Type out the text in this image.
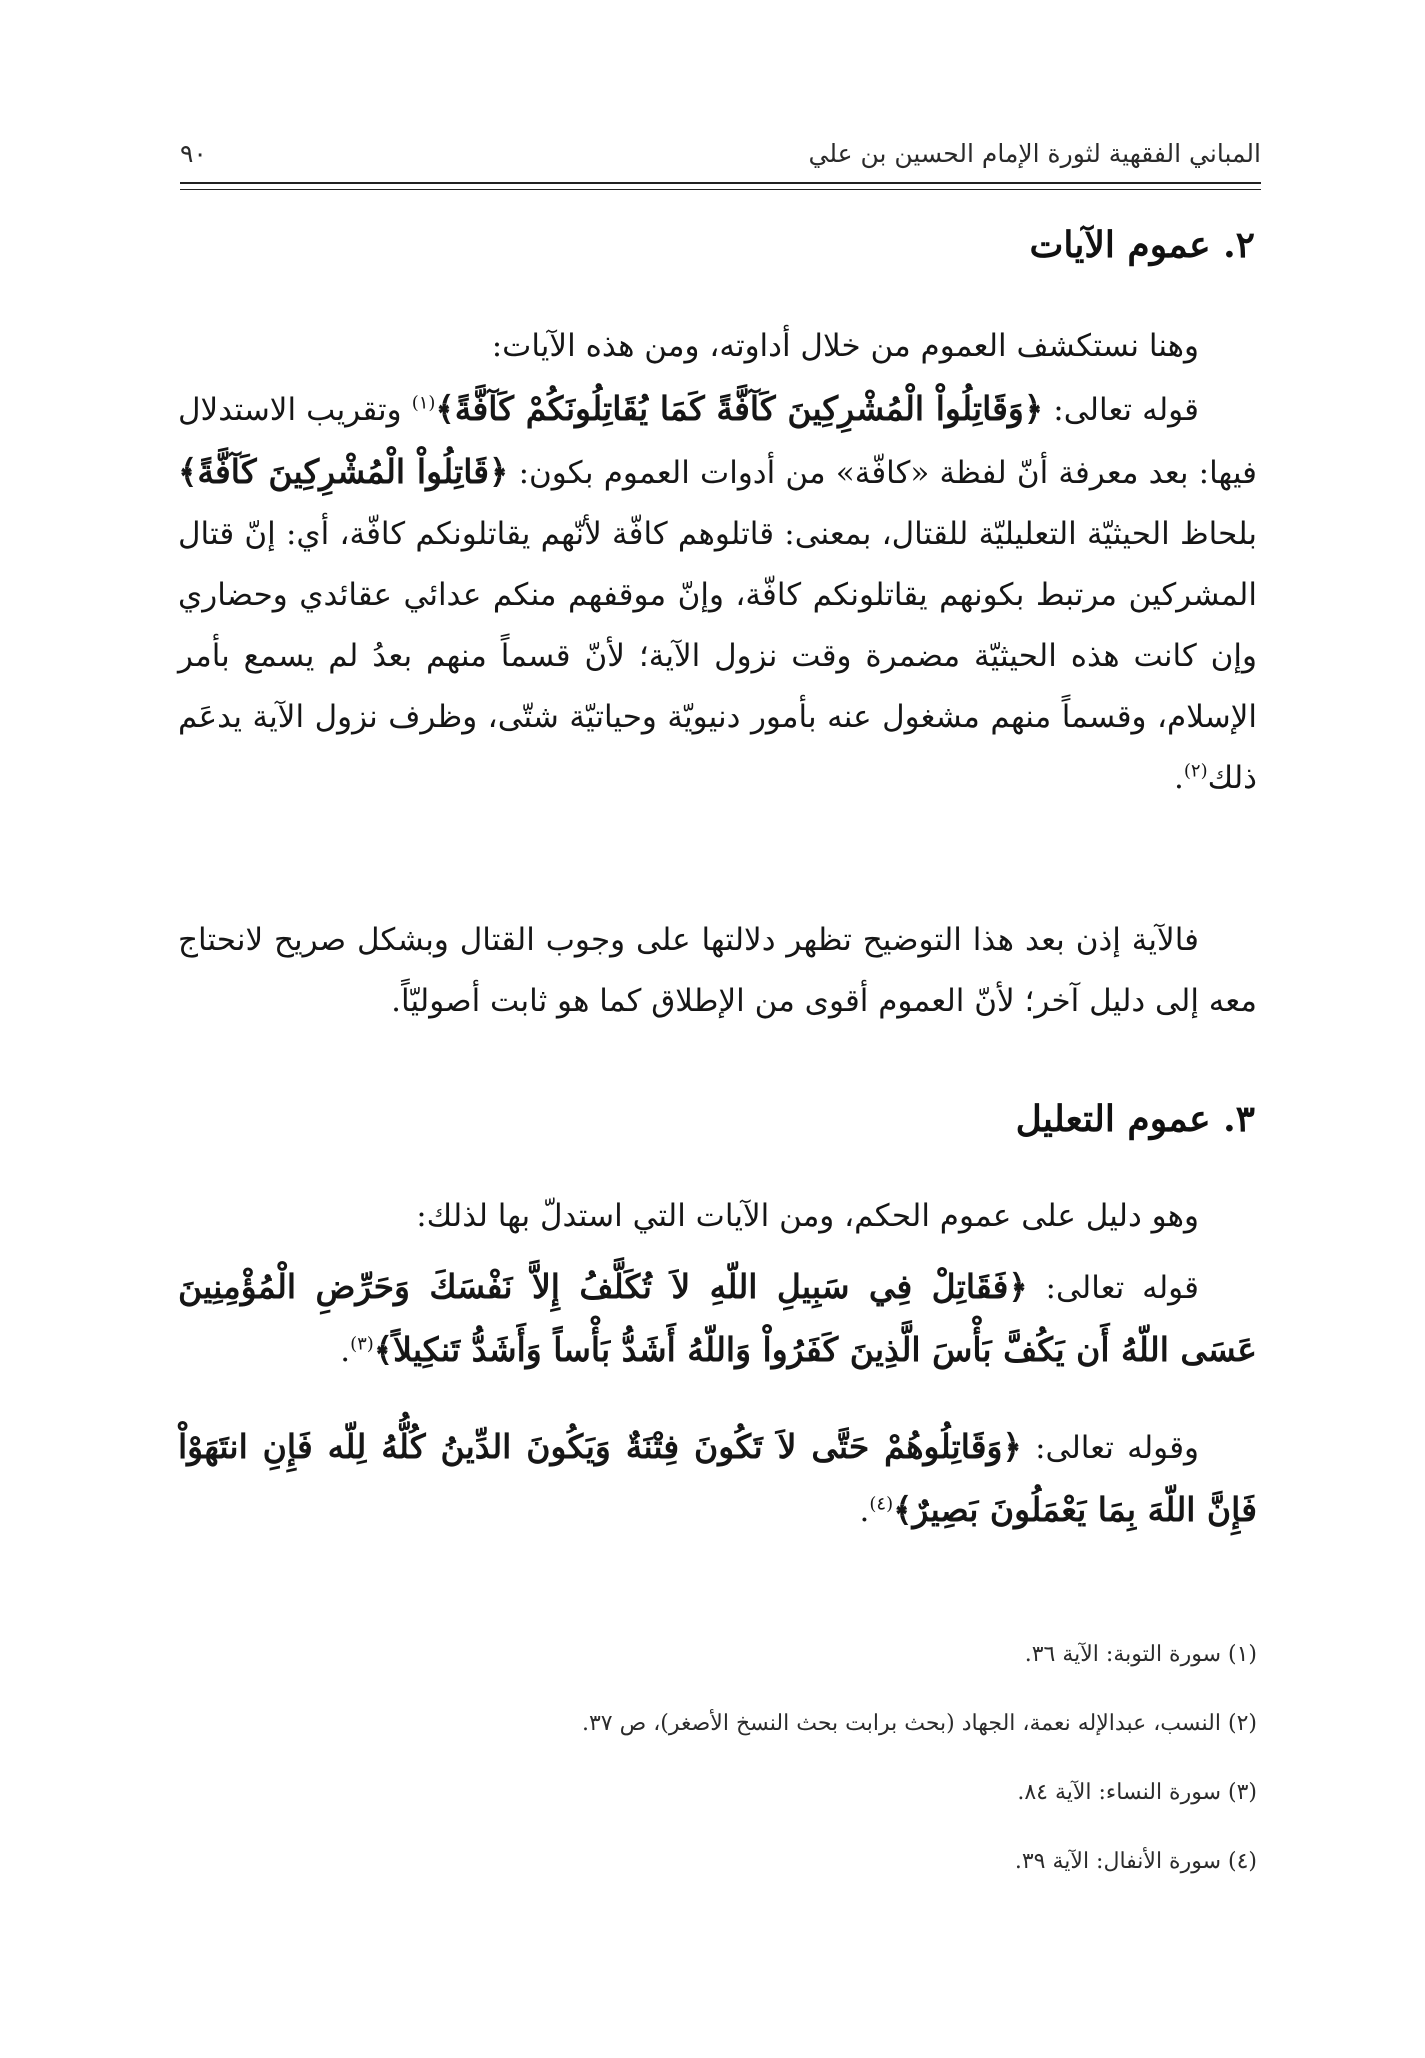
المباني الفقهية لثورة الإمام الحسين بن علي
٩٠
٢. عموم الآيات
وهنا نستكشف العموم من خلال أداوته، ومن هذه الآيات:
قوله تعالى: ﴿وَقَاتِلُواْ الْمُشْرِكِينَ كَآفَّةً كَمَا يُقَاتِلُونَكُمْ كَآفَّةً﴾$^{(١)}$ وتقريب الاستدلال فيها: بعد معرفة أنّ لفظة «كافّة» من أدوات العموم بكون: ﴿قَاتِلُواْ الْمُشْرِكِينَ كَآفَّةً﴾ بلحاظ الحيثيّة التعليليّة للقتال، بمعنى: قاتلوهم كافّة لأنّهم يقاتلونكم كافّة، أي: إنّ قتال المشركين مرتبط بكونهم يقاتلونكم كافّة، وإنّ موقفهم منكم عدائي عقائدي وحضاري وإن كانت هذه الحيثيّة مضمرة وقت نزول الآية؛ لأنّ قسماً منهم بعدُ لم يسمع بأمر الإسلام، وقسماً منهم مشغول عنه بأمور دنيويّة وحياتيّة شتّى، وظرف نزول الآية يدعَم ذلك$^{(٢)}$.
فالآية إذن بعد هذا التوضيح تظهر دلالتها على وجوب القتال وبشكل صريح لانحتاج معه إلى دليل آخر؛ لأنّ العموم أقوى من الإطلاق كما هو ثابت أصوليّاً.
٣. عموم التعليل
وهو دليل على عموم الحكم، ومن الآيات التي استدلّ بها لذلك:
قوله تعالى: ﴿فَقَاتِلْ فِي سَبِيلِ اللّهِ لاَ تُكَلَّفُ إِلاَّ نَفْسَكَ وَحَرِّضِ الْمُؤْمِنِينَ عَسَى اللّهُ أَن يَكُفَّ بَأْسَ الَّذِينَ كَفَرُواْ وَاللّهُ أَشَدُّ بَأْساً وَأَشَدُّ تَنكِيلاً﴾$^{(٣)}$.
وقوله تعالى: ﴿وَقَاتِلُوهُمْ حَتَّى لاَ تَكُونَ فِتْنَةٌ وَيَكُونَ الدِّينُ كُلُّهُ لِلّه فَإِنِ انتَهَوْاْ فَإِنَّ اللّهَ بِمَا يَعْمَلُونَ بَصِيرٌ﴾$^{(٤)}$.
(١) سورة التوبة: الآية ٣٦.
(٢) النسب، عبدالإله نعمة، الجهاد (بحث برابت بحث النسخ الأصغر)، ص ٣٧.
(٣) سورة النساء: الآية ٨٤.
(٤) سورة الأنفال: الآية ٣٩.
